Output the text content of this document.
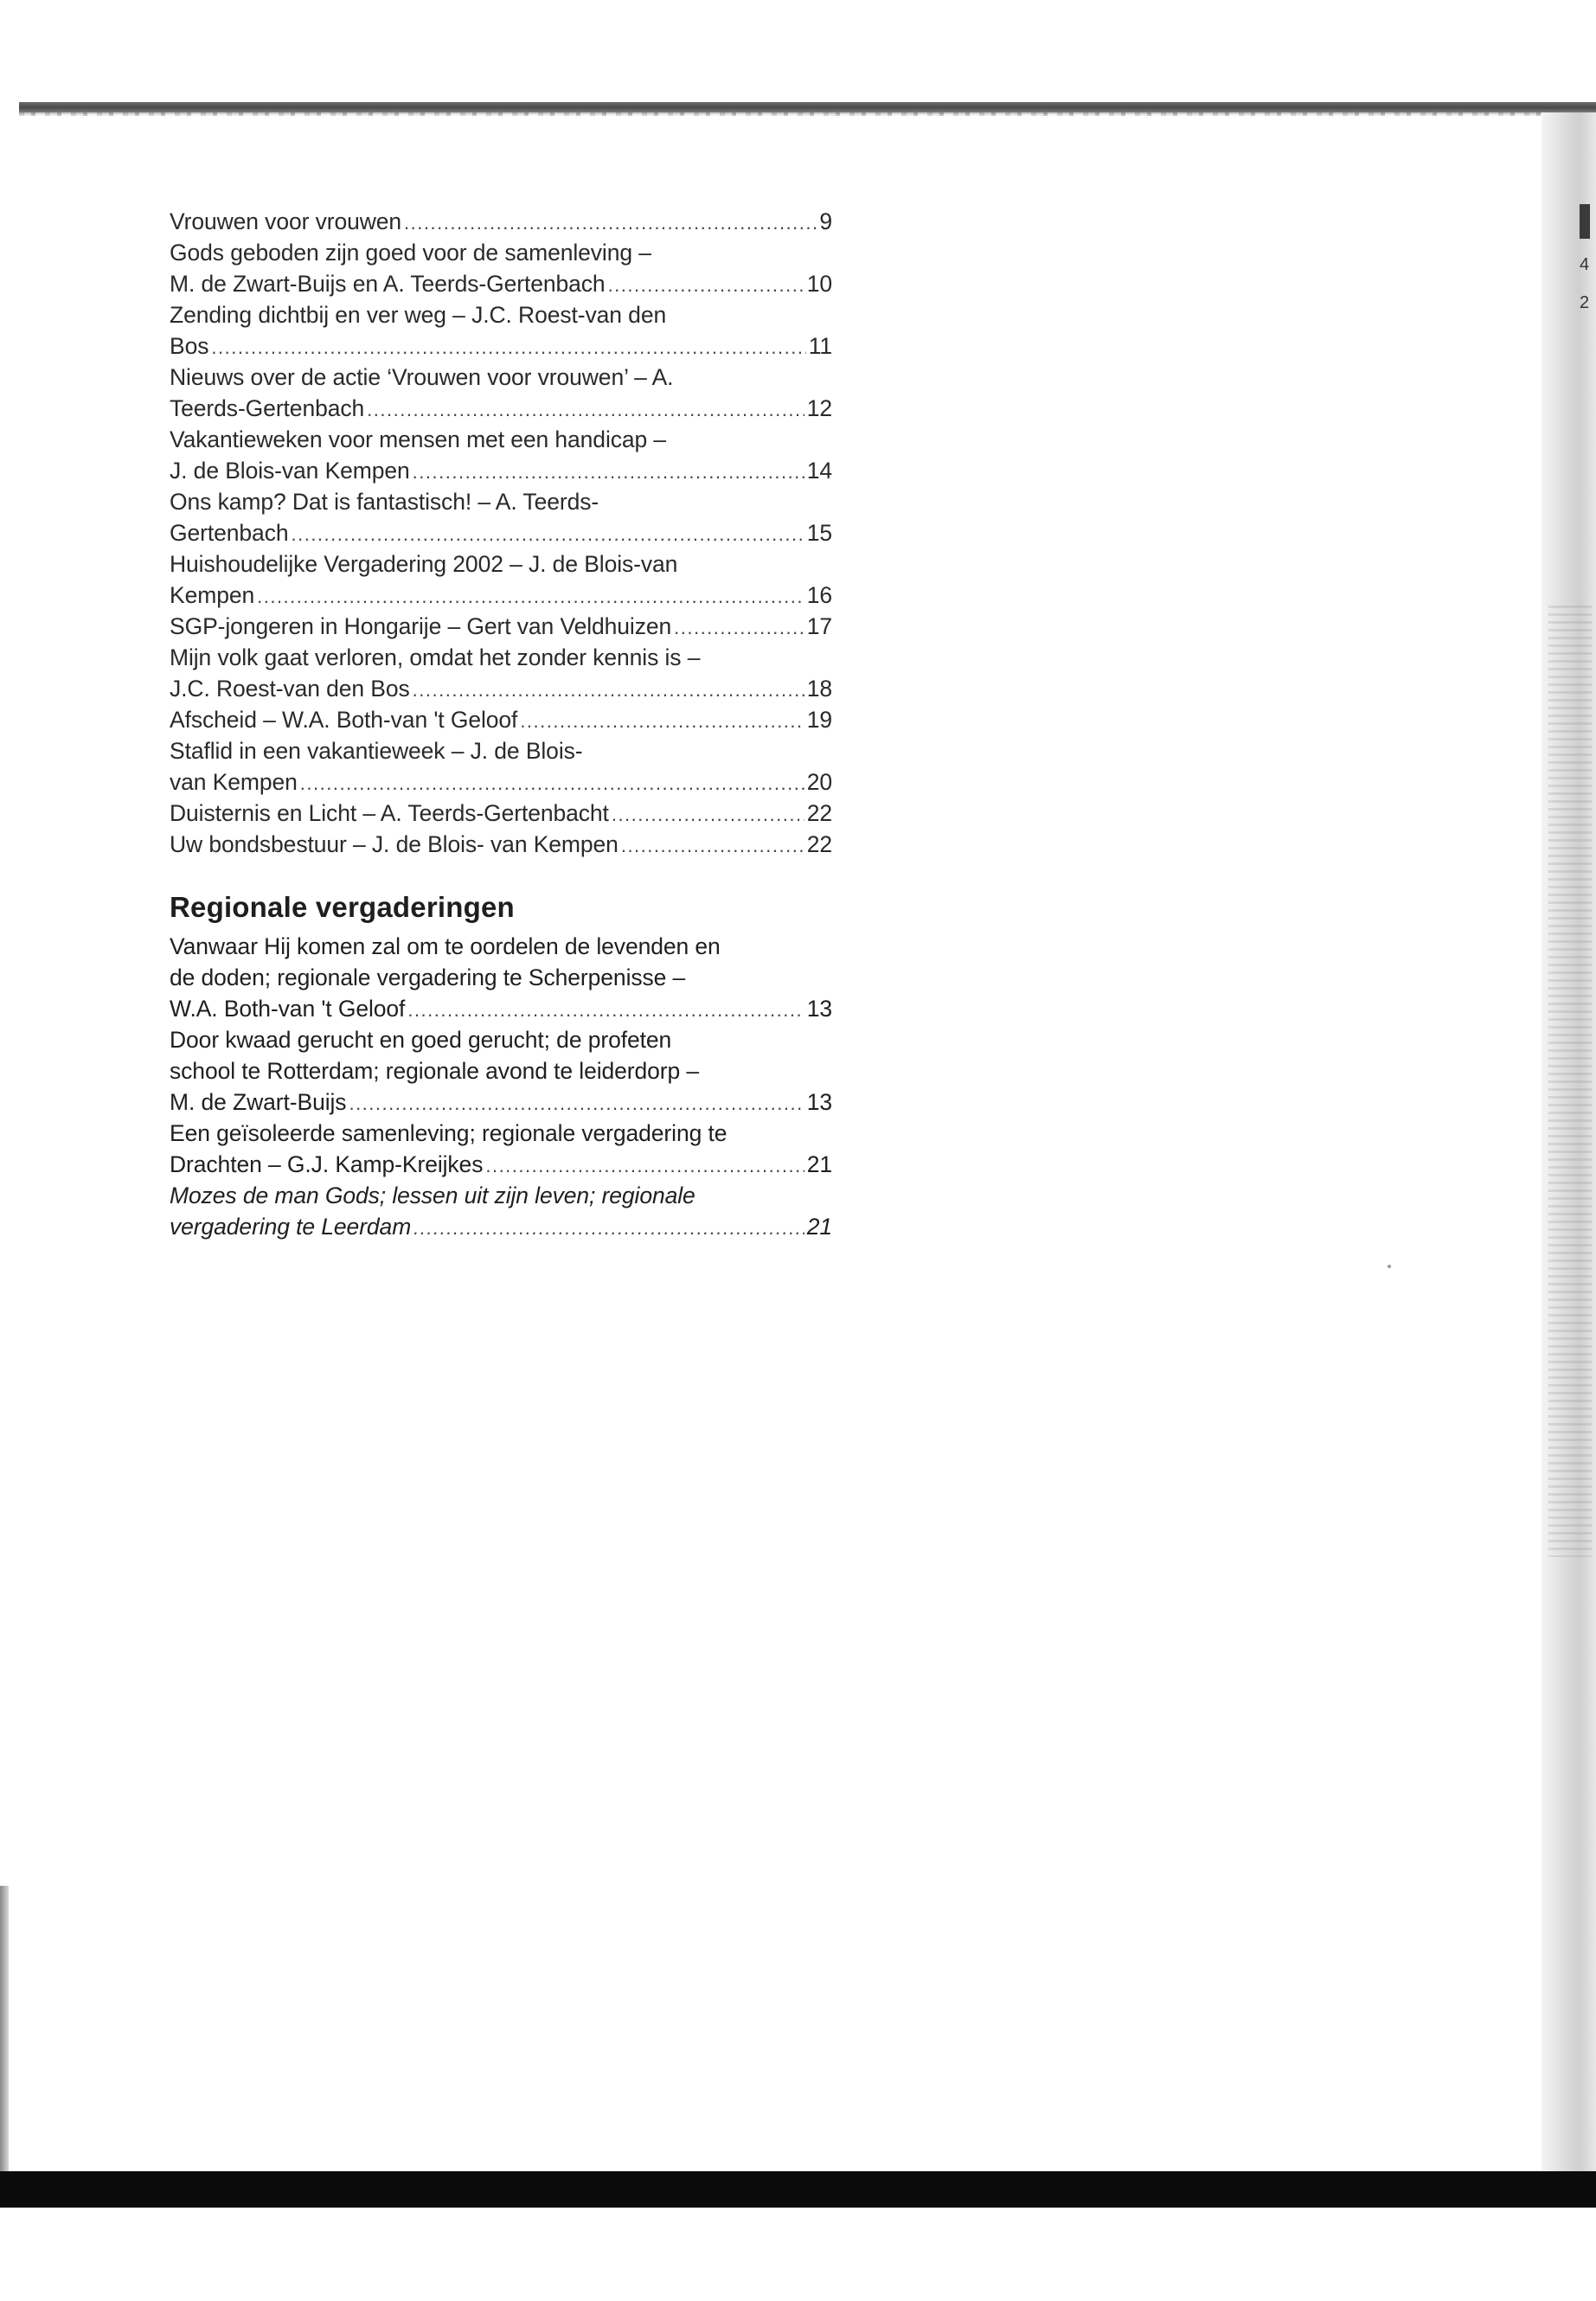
4
2
Vrouwen voor vrouwen .....	9
Gods geboden zijn goed voor de samenleving –
M. de Zwart-Buijs en A. Teerds-Gertenbach .....	10
Zending dichtbij en ver weg – J.C. Roest-van den
Bos .....	11
Nieuws over de actie ‘Vrouwen voor vrouwen’ – A.
Teerds-Gertenbach .....	12
Vakantieweken voor mensen met een handicap –
J. de Blois-van Kempen .....	14
Ons kamp? Dat is fantastisch! – A. Teerds-
Gertenbach .....	15
Huishoudelijke Vergadering 2002 – J. de Blois-van
Kempen .....	16
SGP-jongeren in Hongarije – Gert van Veldhuizen .....	17
Mijn volk gaat verloren, omdat het zonder kennis is –
J.C. Roest-van den Bos .....	18
Afscheid – W.A. Both-van 't Geloof .....	19
Staflid in een vakantieweek – J. de Blois-
van Kempen .....	20
Duisternis en Licht – A. Teerds-Gertenbacht .....	22
Uw bondsbestuur – J. de Blois- van Kempen .....	22
Regionale vergaderingen
Vanwaar Hij komen zal om te oordelen de levenden en
de doden; regionale vergadering te Scherpenisse –
W.A. Both-van 't Geloof .....	13
Door kwaad gerucht en goed gerucht; de profeten
school te Rotterdam; regionale avond te leiderdorp –
M. de Zwart-Buijs .....	13
Een geïsoleerde samenleving; regionale vergadering te
Drachten – G.J. Kamp-Kreijkes .....	21
Mozes de man Gods; lessen uit zijn leven; regionale
vergadering te Leerdam .....	21
